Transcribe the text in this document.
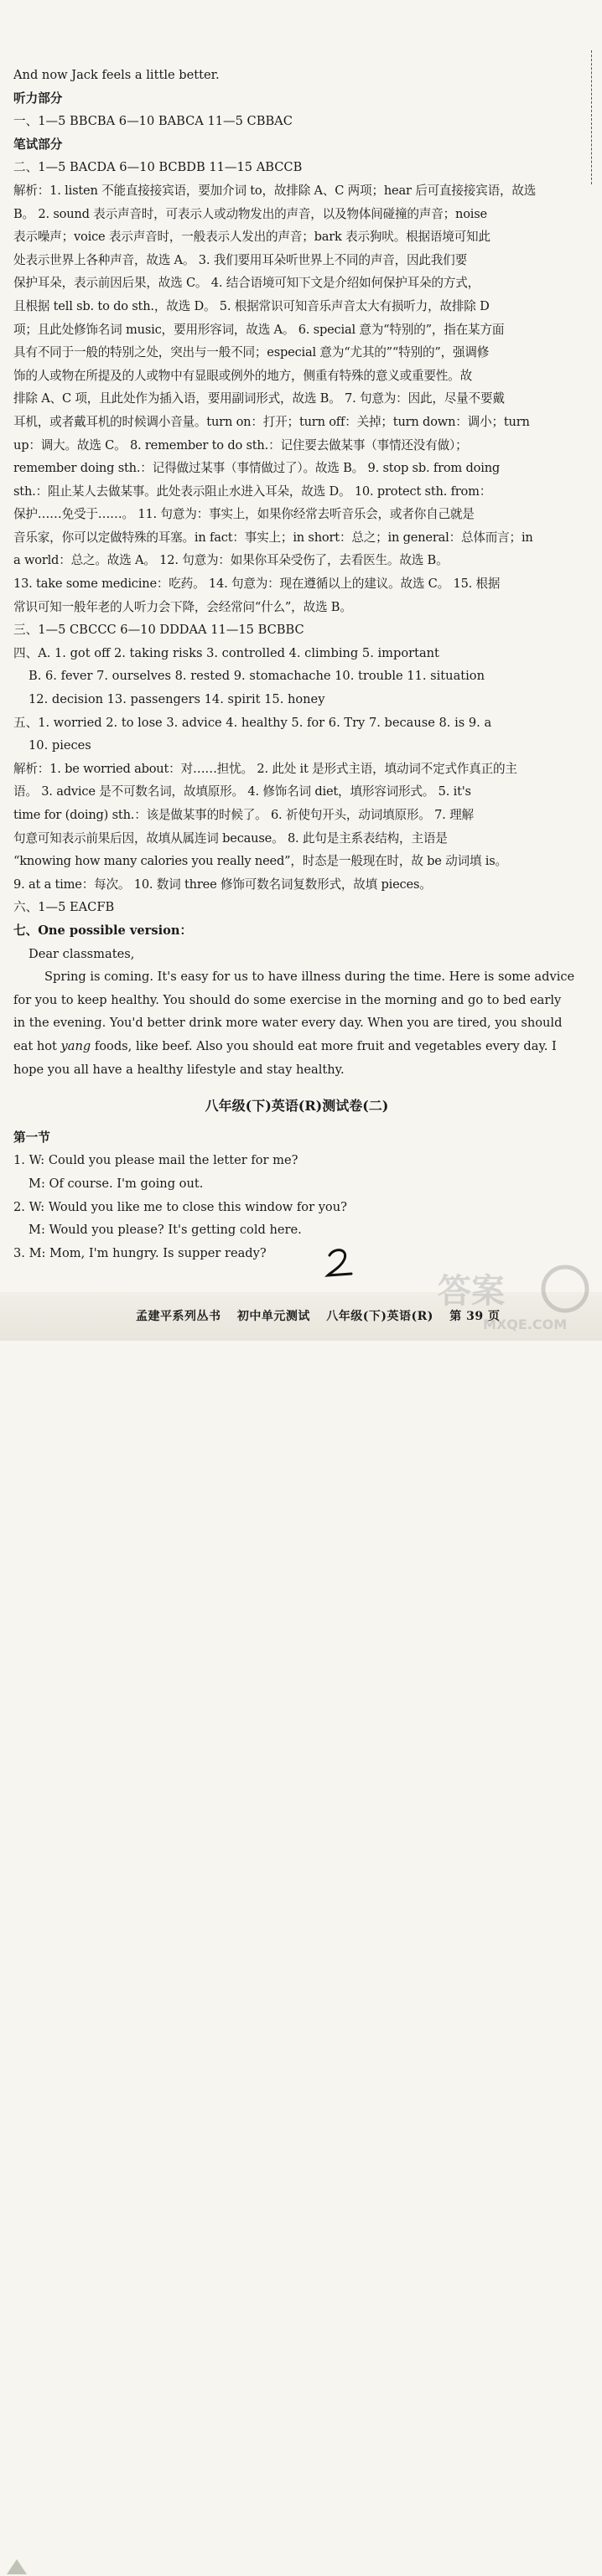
And now Jack feels a little better.

听力部分

一、1—5 BBCBA 6—10 BABCA 11—5 CBBAC

笔试部分

二、1—5 BACDA 6—10 BCBDB 11—15 ABCCB

解析：1. listen 不能直接接宾语，要加介词 to，故排除 A、C 两项；hear 后可直接接宾语，故选

B。 2. sound 表示声音时，可表示人或动物发出的声音，以及物体间碰撞的声音；noise

表示噪声；voice 表示声音时，一般表示人发出的声音；bark 表示狗吠。根据语境可知此

处表示世界上各种声音，故选 A。 3. 我们要用耳朵听世界上不同的声音，因此我们要

保护耳朵，表示前因后果，故选 C。 4. 结合语境可知下文是介绍如何保护耳朵的方式，

且根据 tell sb. to do sth.，故选 D。 5. 根据常识可知音乐声音太大有损听力，故排除 D

项；且此处修饰名词 music，要用形容词，故选 A。 6. special 意为“特别的”，指在某方面

具有不同于一般的特别之处，突出与一般不同；especial 意为“尤其的”“特别的”，强调修

饰的人或物在所提及的人或物中有显眼或例外的地方，侧重有特殊的意义或重要性。故

排除 A、C 项，且此处作为插入语，要用副词形式，故选 B。 7. 句意为：因此，尽量不要戴

耳机，或者戴耳机的时候调小音量。turn on：打开；turn off：关掉；turn down：调小；turn

up：调大。故选 C。 8. remember to do sth.：记住要去做某事（事情还没有做）；

remember doing sth.：记得做过某事（事情做过了）。故选 B。 9. stop sb. from doing

sth.：阻止某人去做某事。此处表示阻止水进入耳朵，故选 D。 10. protect sth. from：

保护……免受于……。 11. 句意为：事实上，如果你经常去听音乐会，或者你自己就是

音乐家，你可以定做特殊的耳塞。in fact：事实上；in short：总之；in general：总体而言；in

a world：总之。故选 A。 12. 句意为：如果你耳朵受伤了，去看医生。故选 B。

13. take some medicine：吃药。 14. 句意为：现在遵循以上的建议。故选 C。 15. 根据

常识可知一般年老的人听力会下降，会经常问“什么”，故选 B。

三、1—5 CBCCC 6—10 DDDAA 11—15 BCBBC

四、A. 1. got off 2. taking risks 3. controlled 4. climbing 5. important

B. 6. fever 7. ourselves 8. rested 9. stomachache 10. trouble 11. situation

12. decision 13. passengers 14. spirit 15. honey

五、1. worried 2. to lose 3. advice 4. healthy 5. for 6. Try 7. because 8. is 9. a

10. pieces

解析：1. be worried about：对……担忧。 2. 此处 it 是形式主语，填动词不定式作真正的主

语。 3. advice 是不可数名词，故填原形。 4. 修饰名词 diet，填形容词形式。 5. it's

time for (doing) sth.：该是做某事的时候了。 6. 祈使句开头，动词填原形。 7. 理解

句意可知表示前果后因，故填从属连词 because。 8. 此句是主系表结构，主语是

“knowing how many calories you really need”，时态是一般现在时，故 be 动词填 is。

9. at a time：每次。 10. 数词 three 修饰可数名词复数形式，故填 pieces。

六、1—5 EACFB

七、One possible version：

Dear classmates,

Spring is coming. It's easy for us to have illness during the time. Here is some advice

for you to keep healthy. You should do some exercise in the morning and go to bed early

in the evening. You'd better drink more water every day. When you are tired, you should

eat hot yang foods, like beef. Also you should eat more fruit and vegetables every day. I

hope you all have a healthy lifestyle and stay healthy.

八年级(下)英语(R)测试卷(二)

第一节

1. W: Could you please mail the letter for me?

M: Of course. I'm going out.

2. W: Would you like me to close this window for you?

M: Would you please? It's getting cold here.

3. M: Mom, I'm hungry. Is supper ready?

孟建平系列丛书 初中单元测试 八年级(下)英语(R) 第 39 页
答案
MXQE.COM
